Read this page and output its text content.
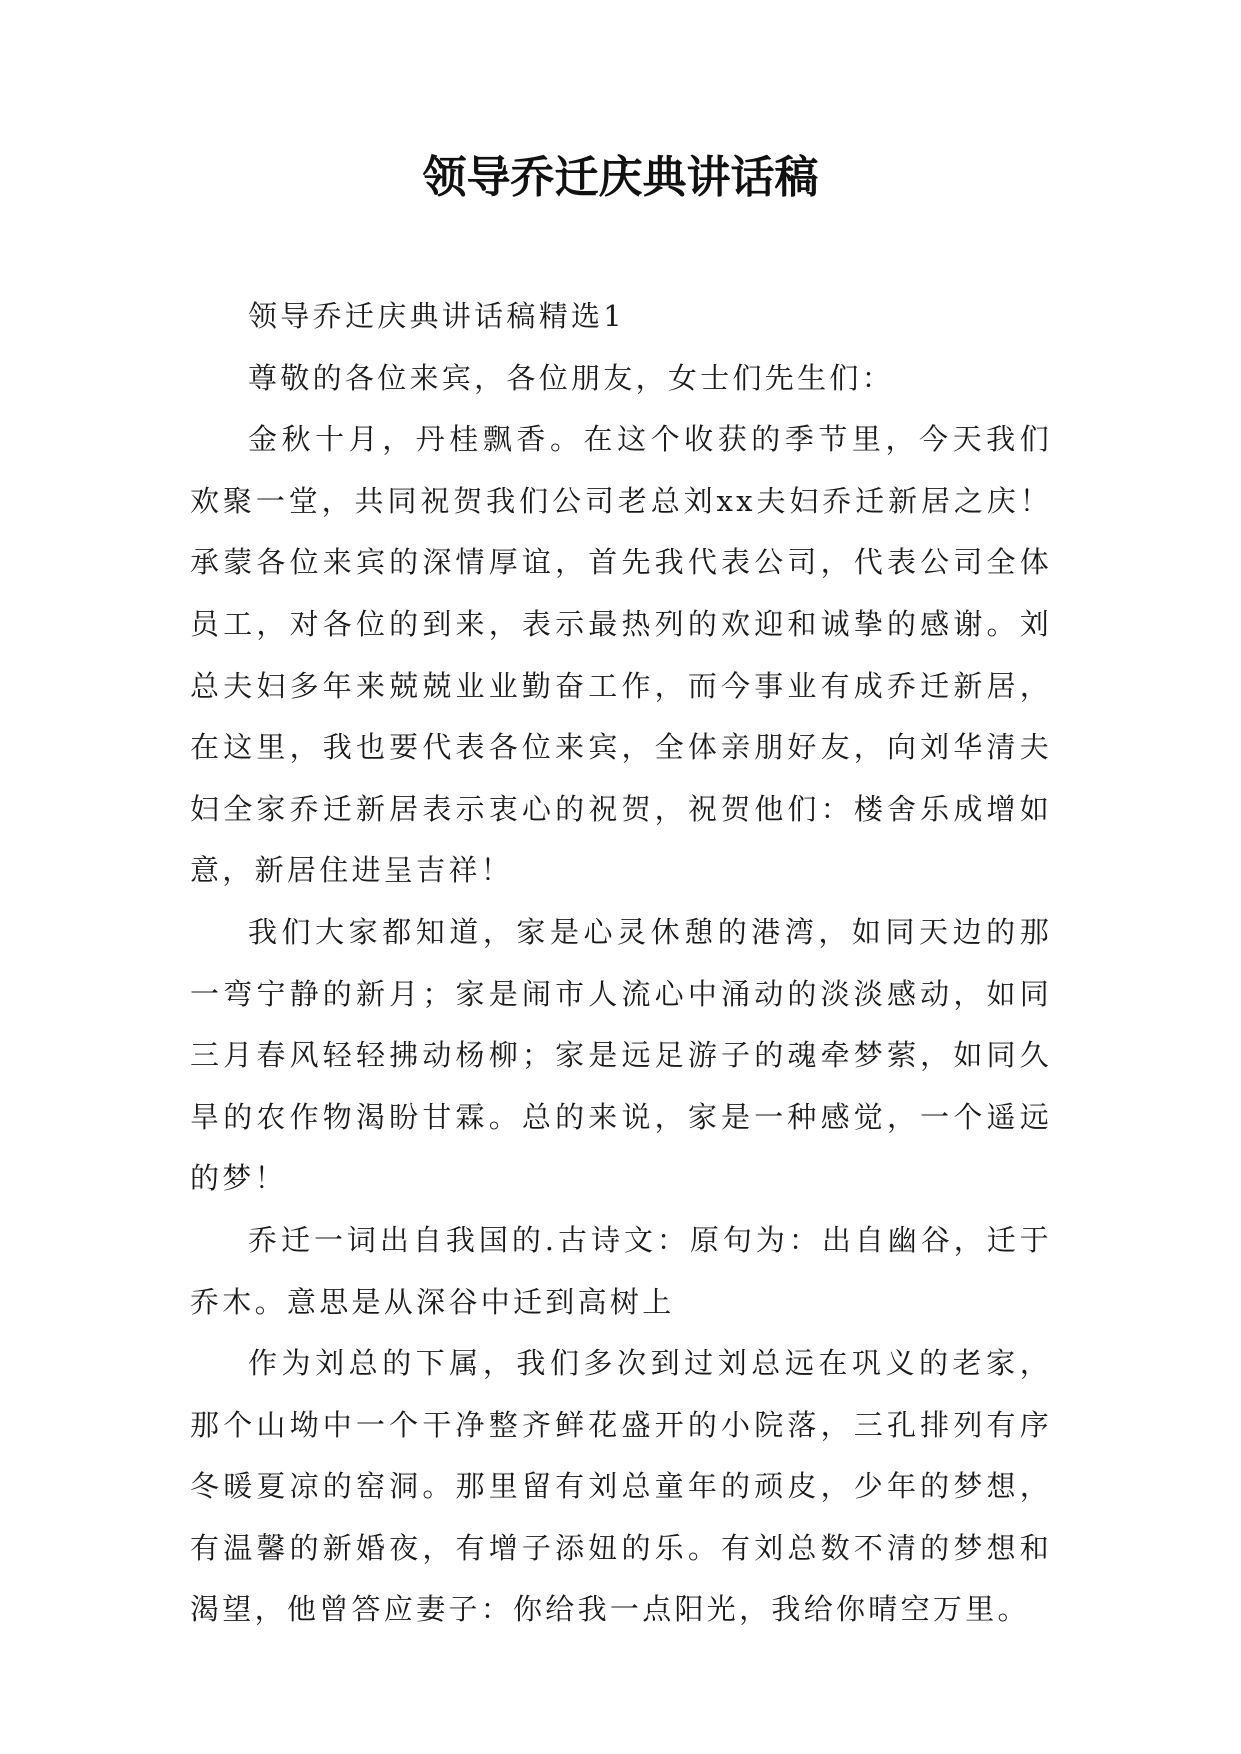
领导乔迁庆典讲话稿

领导乔迁庆典讲话稿精选1

尊敬的各位来宾，各位朋友，女士们先生们：

金秋十月，丹桂飘香。在这个收获的季节里，今天我们欢聚一堂，共同祝贺我们公司老总刘xx夫妇乔迁新居之庆！承蒙各位来宾的深情厚谊，首先我代表公司，代表公司全体员工，对各位的到来，表示最热列的欢迎和诚挚的感谢。刘总夫妇多年来兢兢业业勤奋工作，而今事业有成乔迁新居，在这里，我也要代表各位来宾，全体亲朋好友，向刘华清夫妇全家乔迁新居表示衷心的祝贺，祝贺他们：楼舍乐成增如意，新居住进呈吉祥！

我们大家都知道，家是心灵休憩的港湾，如同天边的那一弯宁静的新月；家是闹市人流心中涌动的淡淡感动，如同三月春风轻轻拂动杨柳；家是远足游子的魂牵梦萦，如同久旱的农作物渴盼甘霖。总的来说，家是一种感觉，一个遥远的梦！

乔迁一词出自我国的.古诗文：原句为：出自幽谷，迁于乔木。意思是从深谷中迁到高树上

作为刘总的下属，我们多次到过刘总远在巩义的老家，那个山坳中一个干净整齐鲜花盛开的小院落，三孔排列有序冬暖夏凉的窑洞。那里留有刘总童年的顽皮，少年的梦想，有温馨的新婚夜，有增子添妞的乐。有刘总数不清的梦想和渴望，他曾答应妻子：你给我一点阳光，我给你晴空万里。
